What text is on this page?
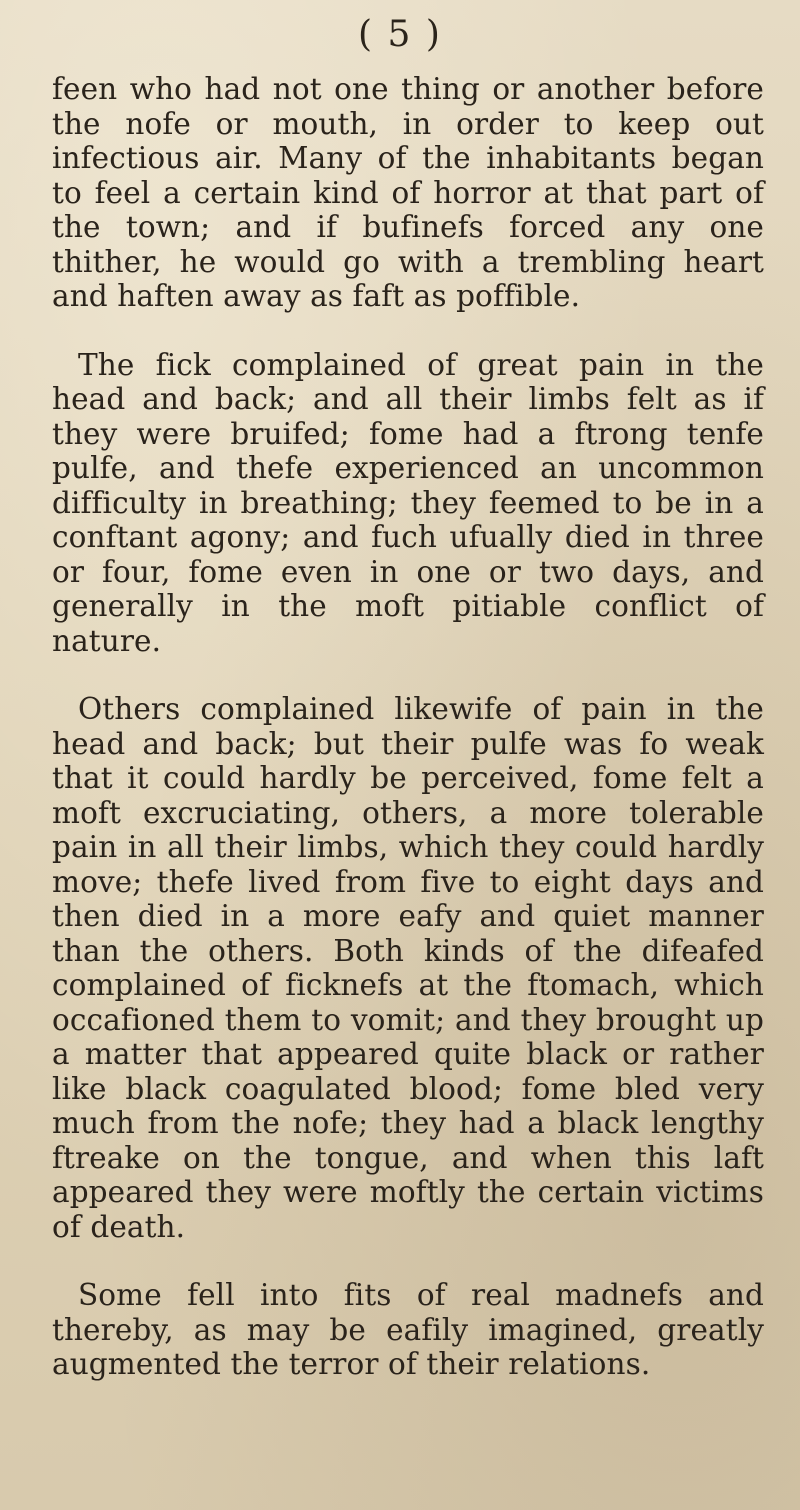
( 5 )

feen who had not one thing or another before the nofe or mouth, in order to keep out infectious air. Many of the inhabitants began to feel a certain kind of horror at that part of the town; and if bufinefs forced any one thither, he would go with a trembling heart and haften away as faft as poffible.

The fick complained of great pain in the head and back; and all their limbs felt as if they were bruifed; fome had a ftrong tenfe pulfe, and thefe experienced an uncommon difficulty in breathing; they feemed to be in a conftant agony; and fuch ufually died in three or four, fome even in one or two days, and generally in the moft pitiable conflict of nature.

Others complained likewife of pain in the head and back; but their pulfe was fo weak that it could hardly be perceived, fome felt a moft excruciating, others, a more tolerable pain in all their limbs, which they could hardly move; thefe lived from five to eight days and then died in a more eafy and quiet manner than the others. Both kinds of the difeafed complained of ficknefs at the ftomach, which occafioned them to vomit; and they brought up a matter that appeared quite black or rather like black coagulated blood; fome bled very much from the nofe; they had a black lengthy ftreake on the tongue, and when this laft appeared they were moftly the certain victims of death.

Some fell into fits of real madnefs and thereby, as may be eafily imagined, greatly augmented the terror of their relations.
